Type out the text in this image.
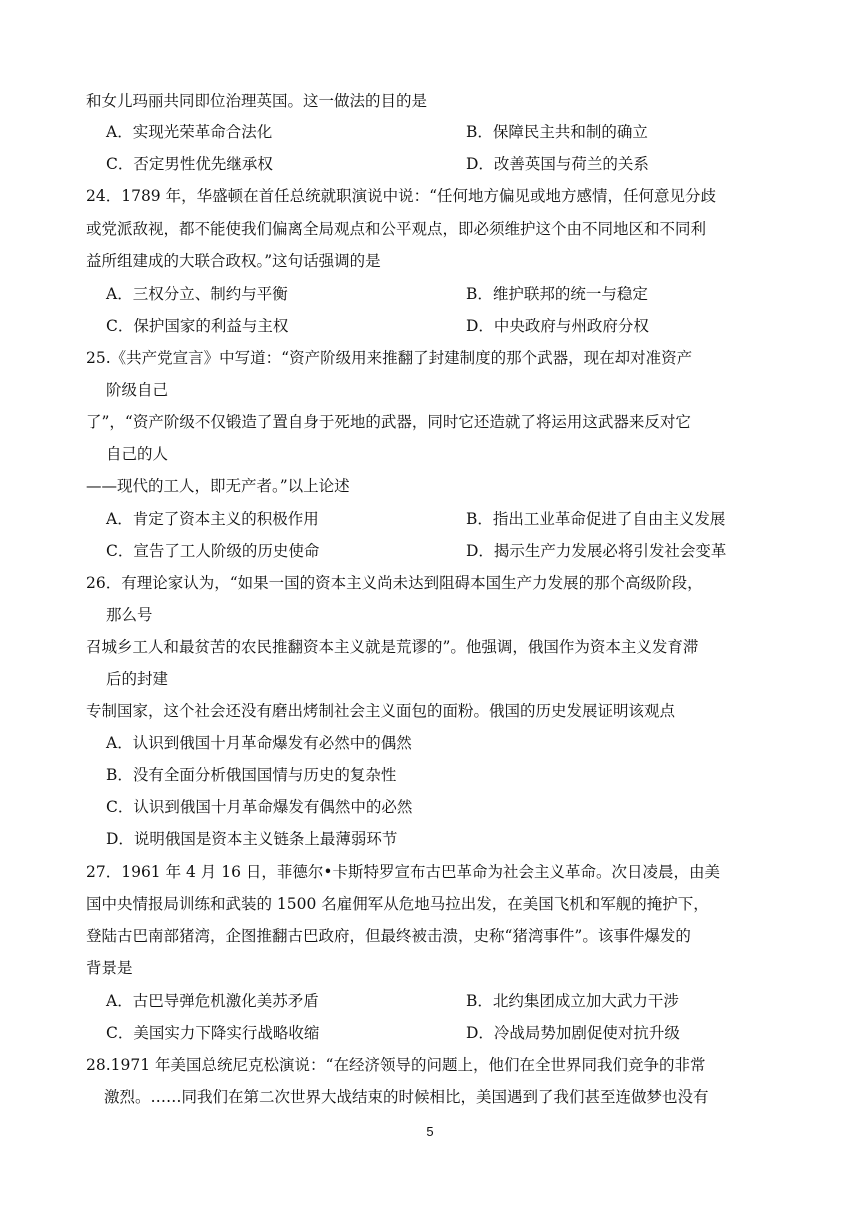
和女儿玛丽共同即位治理英国。这一做法的目的是
A．实现光荣革命合法化	B．保障民主共和制的确立
C．否定男性优先继承权	D．改善英国与荷兰的关系
24．1789 年，华盛顿在首任总统就职演说中说：“任何地方偏见或地方感情，任何意见分歧
或党派敌视，都不能使我们偏离全局观点和公平观点，即必须维护这个由不同地区和不同利
益所组建成的大联合政权。”这句话强调的是
A．三权分立、制约与平衡	B．维护联邦的统一与稳定
C．保护国家的利益与主权	D．中央政府与州政府分权
25.《共产党宣言》中写道：“资产阶级用来推翻了封建制度的那个武器，现在却对准资产
阶级自己
了”，“资产阶级不仅锻造了置自身于死地的武器，同时它还造就了将运用这武器来反对它
自己的人
——现代的工人，即无产者。”以上论述
A．肯定了资本主义的积极作用	B．指出工业革命促进了自由主义发展
C．宣告了工人阶级的历史使命	D．揭示生产力发展必将引发社会变革
26．有理论家认为，“如果一国的资本主义尚未达到阻碍本国生产力发展的那个高级阶段，
那么号
召城乡工人和最贫苦的农民推翻资本主义就是荒谬的”。他强调，俄国作为资本主义发育滞
后的封建
专制国家，这个社会还没有磨出烤制社会主义面包的面粉。俄国的历史发展证明该观点
A．认识到俄国十月革命爆发有必然中的偶然
B．没有全面分析俄国国情与历史的复杂性
C．认识到俄国十月革命爆发有偶然中的必然
D．说明俄国是资本主义链条上最薄弱环节
27．1961 年 4 月 16 日，菲德尔•卡斯特罗宣布古巴革命为社会主义革命。次日凌晨，由美
国中央情报局训练和武装的 1500 名雇佣军从危地马拉出发，在美国飞机和军舰的掩护下，
登陆古巴南部猪湾，企图推翻古巴政府，但最终被击溃，史称“猪湾事件”。该事件爆发的
背景是
A．古巴导弹危机激化美苏矛盾	B．北约集团成立加大武力干涉
C．美国实力下降实行战略收缩	D．冷战局势加剧促使对抗升级
28.1971 年美国总统尼克松演说：“在经济领导的问题上，他们在全世界同我们竞争的非常
激烈。……同我们在第二次世界大战结束的时候相比，美国遇到了我们甚至连做梦也没有
5
